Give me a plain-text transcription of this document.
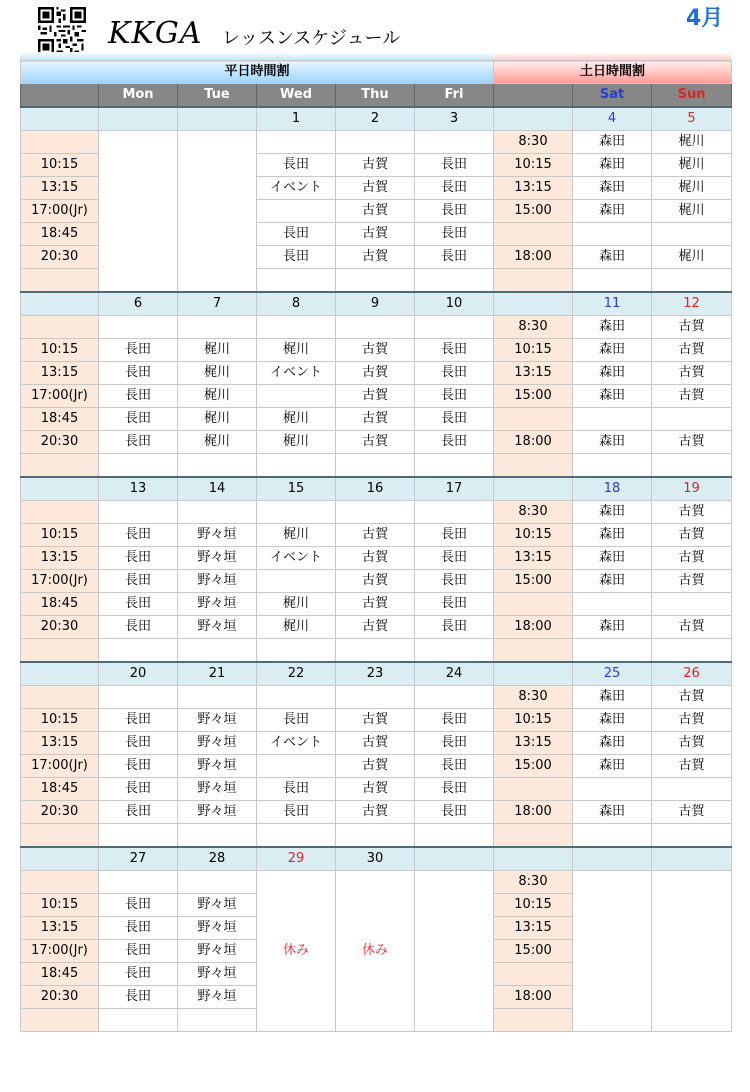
KKGA レッスンスケジュール
4月
平日時間割						土日時間割		
	Mon	Tue	Wed	Thu	Fri		Sat	Sun
			1	2	3		4	5
						8:30	森田	梶川
10:15			長田	古賀	長田	10:15	森田	梶川
13:15			イベント	古賀	長田	13:15	森田	梶川
17:00(Jr)				古賀	長田	15:00	森田	梶川
18:45			長田	古賀	長田			
20:30			長田	古賀	長田	18:00	森田	梶川

	6	7	8	9	10		11	12
						8:30	森田	古賀
10:15	長田	梶川	梶川	古賀	長田	10:15	森田	古賀
13:15	長田	梶川	イベント	古賀	長田	13:15	森田	古賀
17:00(Jr)	長田	梶川		古賀	長田	15:00	森田	古賀
18:45	長田	梶川	梶川	古賀	長田			
20:30	長田	梶川	梶川	古賀	長田	18:00	森田	古賀

	13	14	15	16	17		18	19
						8:30	森田	古賀
10:15	長田	野々垣	梶川	古賀	長田	10:15	森田	古賀
13:15	長田	野々垣	イベント	古賀	長田	13:15	森田	古賀
17:00(Jr)	長田	野々垣		古賀	長田	15:00	森田	古賀
18:45	長田	野々垣	梶川	古賀	長田			
20:30	長田	野々垣	梶川	古賀	長田	18:00	森田	古賀

	20	21	22	23	24		25	26
						8:30	森田	古賀
10:15	長田	野々垣	長田	古賀	長田	10:15	森田	古賀
13:15	長田	野々垣	イベント	古賀	長田	13:15	森田	古賀
17:00(Jr)	長田	野々垣		古賀	長田	15:00	森田	古賀
18:45	長田	野々垣	長田	古賀	長田			
20:30	長田	野々垣	長田	古賀	長田	18:00	森田	古賀

	27	28	29	30				
			休み	休み		8:30		
10:15	長田	野々垣				10:15		
13:15	長田	野々垣				13:15		
17:00(Jr)	長田	野々垣				15:00		
18:45	長田	野々垣						
20:30	長田	野々垣				18:00		
